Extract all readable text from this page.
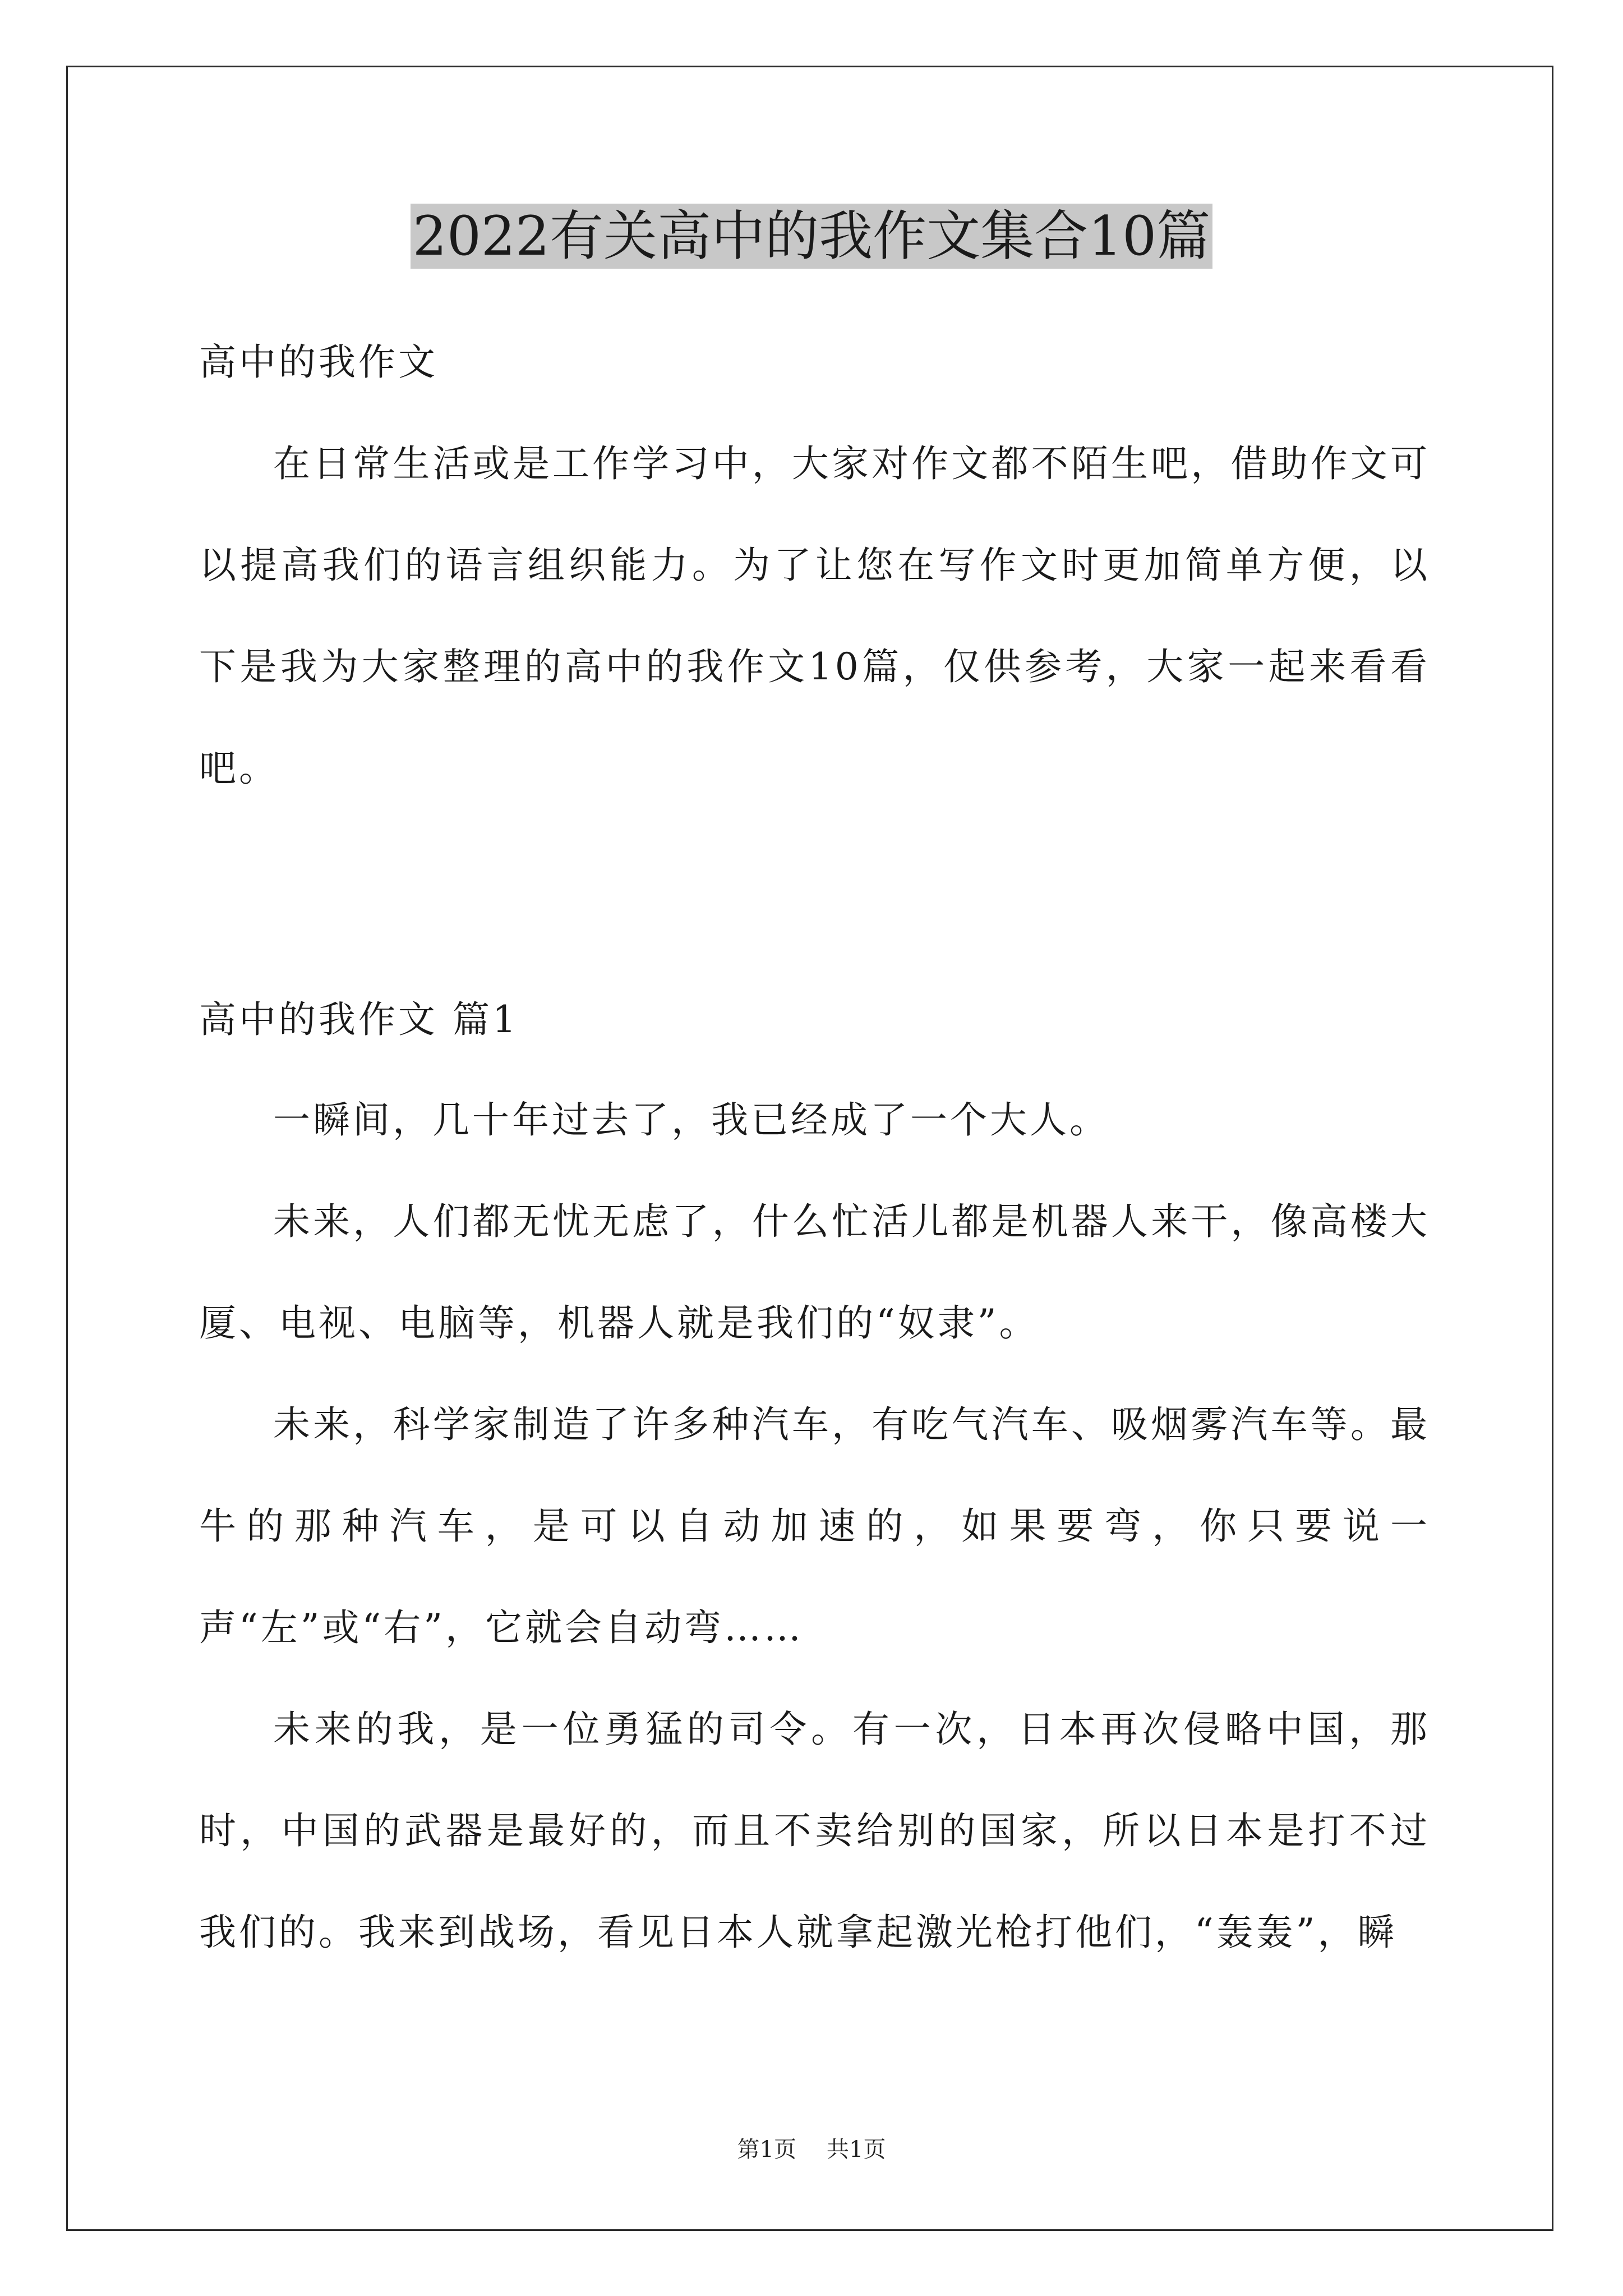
2022有关高中的我作文集合10篇

高中的我作文

在日常生活或是工作学习中，大家对作文都不陌生吧，借助作文可以提高我们的语言组织能力。为了让您在写作文时更加简单方便，以下是我为大家整理的高中的我作文10篇，仅供参考，大家一起来看看吧。

高中的我作文 篇1

一瞬间，几十年过去了，我已经成了一个大人。

未来，人们都无忧无虑了，什么忙活儿都是机器人来干，像高楼大厦、电视、电脑等，机器人就是我们的“奴隶”。

未来，科学家制造了许多种汽车，有吃气汽车、吸烟雾汽车等。最牛的那种汽车，是可以自动加速的，如果要弯，你只要说一声“左”或“右”，它就会自动弯……

未来的我，是一位勇猛的司令。有一次，日本再次侵略中国，那时，中国的武器是最好的，而且不卖给别的国家，所以日本是打不过我们的。我来到战场，看见日本人就拿起激光枪打他们，“轰轰”，瞬

第1页 共1页
